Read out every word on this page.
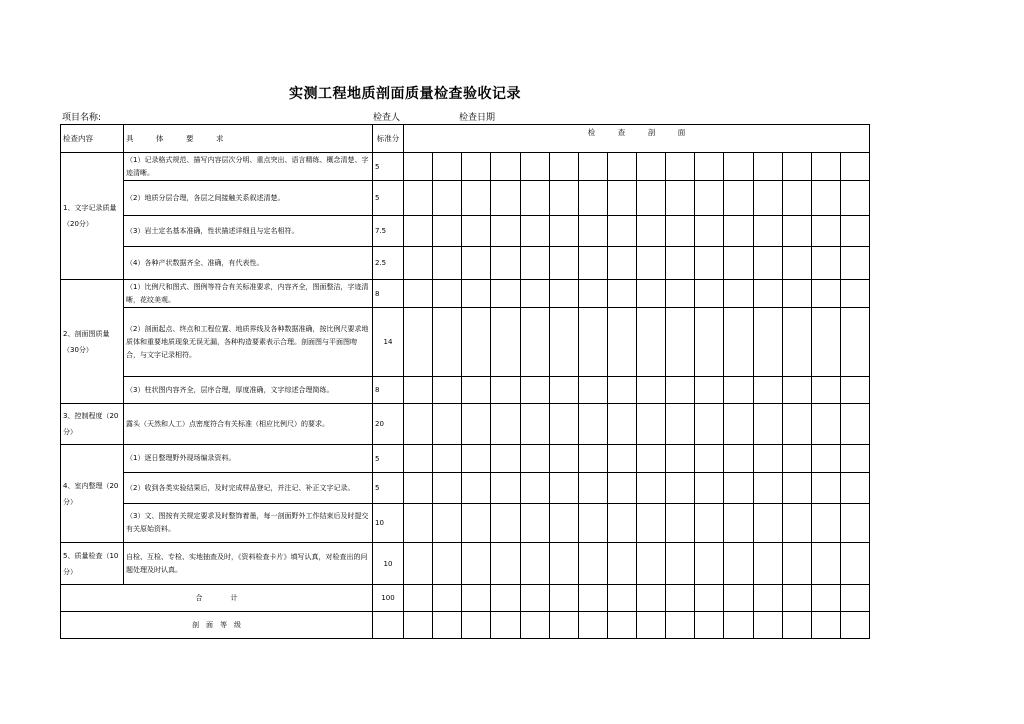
实测工程地质剖面质量检查验收记录
项目名称:	检查人	检查日期
检查内容	具　　　体　　　要　　　求	标准分	检　　　查　　　剖　　　面															
1、文字记录质量（20分）	（1）记录格式规范、描写内容层次分明、重点突出、语言精练、概念清楚、字迹清晰。	5																
	（2）地质分层合理，各层之间接触关系叙述清楚。	5																
	（3）岩土定名基本准确，性状描述详细且与定名相符。	7.5																
	（4）各种产状数据齐全、准确，有代表性。	2.5																
2、剖面图质量（30分）	（1）比例尺和图式、图例等符合有关标准要求，内容齐全，图面整洁，字迹清晰，花纹美观。	8																
	（2）剖面起点、终点和工程位置、地质界线及各种数据准确，按比例尺要求地质体和重要地质现象无误无漏，各种构造要素表示合理。剖面图与平面图吻合，与文字记录相符。	14																
	（3）柱状图内容齐全，层序合理，厚度准确，文字综述合理简练。	8																
3、控制程度（20分）	露头（天然和人工）点密度符合有关标准（相应比例尺）的要求。	20																
4、室内整理（20分）	（1）逐日整理野外现场编录资料。	5																
	（2）收到各类实验结果后，及时完成样品登记，并注记、补正文字记录。	5																
	（3）文、图按有关规定要求及时整饰着墨，每一剖面野外工作结束后及时提交有关原始资料。	10																
5、质量检查（10分）	自检、互检、专检、实地抽查及时，《资料检查卡片》填写认真，对检查出的问题处理及时认真。	10																
合　　　　计		100																
剖　面　等　级																		
